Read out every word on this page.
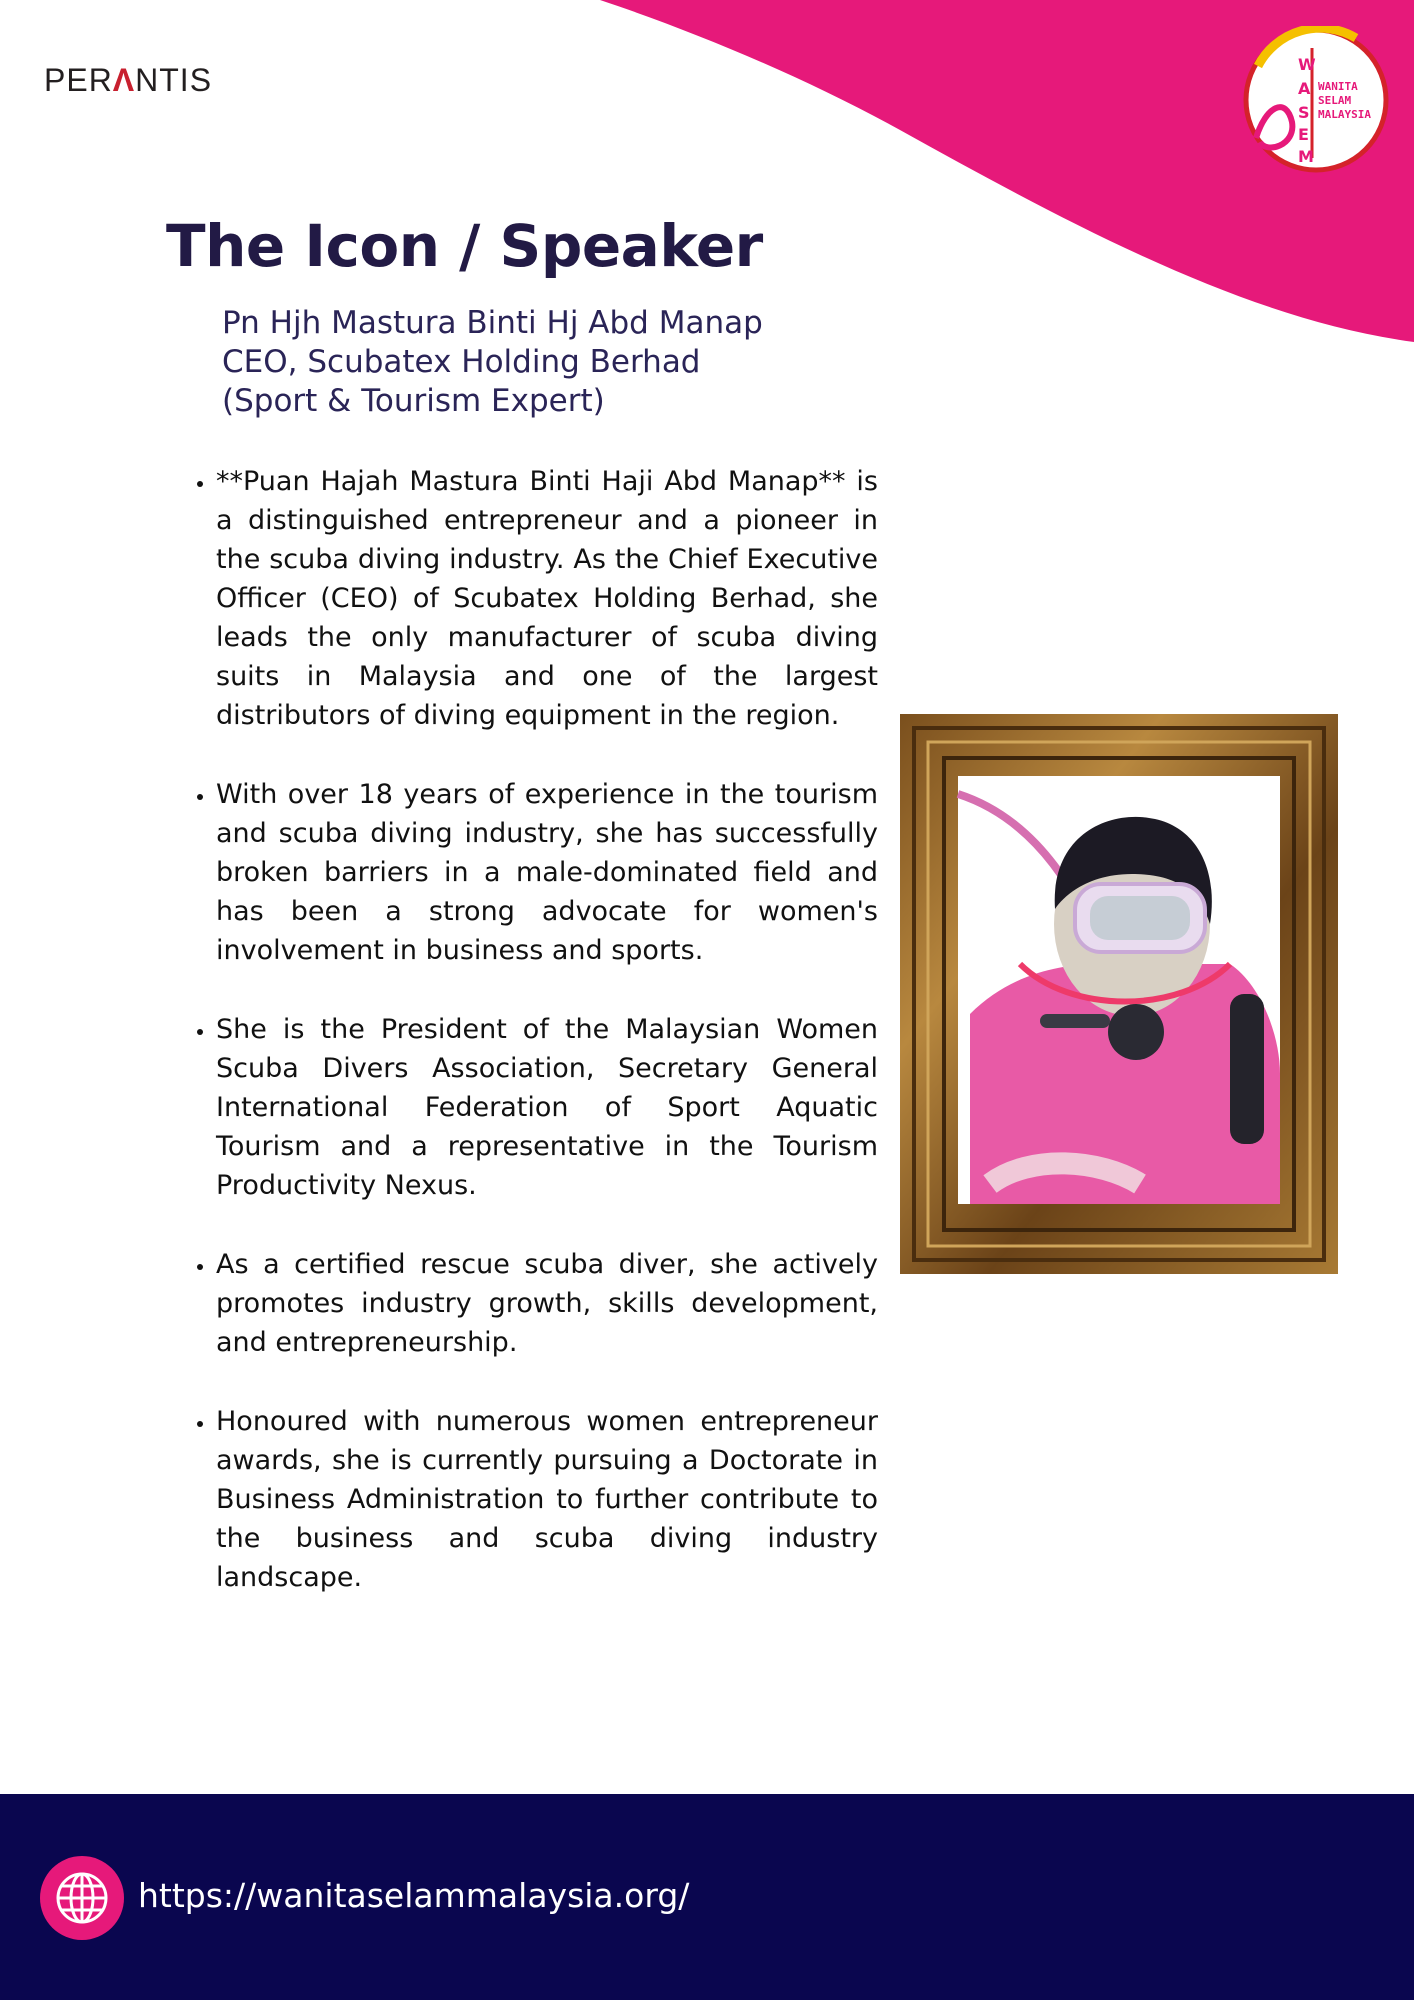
PERΛNTIS	W
A
S
E
M
WANITA
SELAM
MALAYSIA
The Icon / Speaker
Pn Hjh Mastura Binti Hj Abd Manap
CEO, Scubatex Holding Berhad
(Sport & Tourism Expert)
• **Puan Hajah Mastura Binti Haji Abd Manap** is a distinguished entrepreneur and a pioneer in the scuba diving industry. As the Chief Executive Officer (CEO) of Scubatex Holding Berhad, she leads the only manufacturer of scuba diving suits in Malaysia and one of the largest distributors of diving equipment in the region.
• With over 18 years of experience in the tourism and scuba diving industry, she has successfully broken barriers in a male-dominated field and has been a strong advocate for women's involvement in business and sports.
• She is the President of the Malaysian Women Scuba Divers Association, Secretary General International Federation of Sport Aquatic Tourism and a representative in the Tourism Productivity Nexus.
• As a certified rescue scuba diver, she actively promotes industry growth, skills development, and entrepreneurship.
• Honoured with numerous women entrepreneur awards, she is currently pursuing a Doctorate in Business Administration to further contribute to the business and scuba diving industry landscape.
https://wanitaselammalaysia.org/
